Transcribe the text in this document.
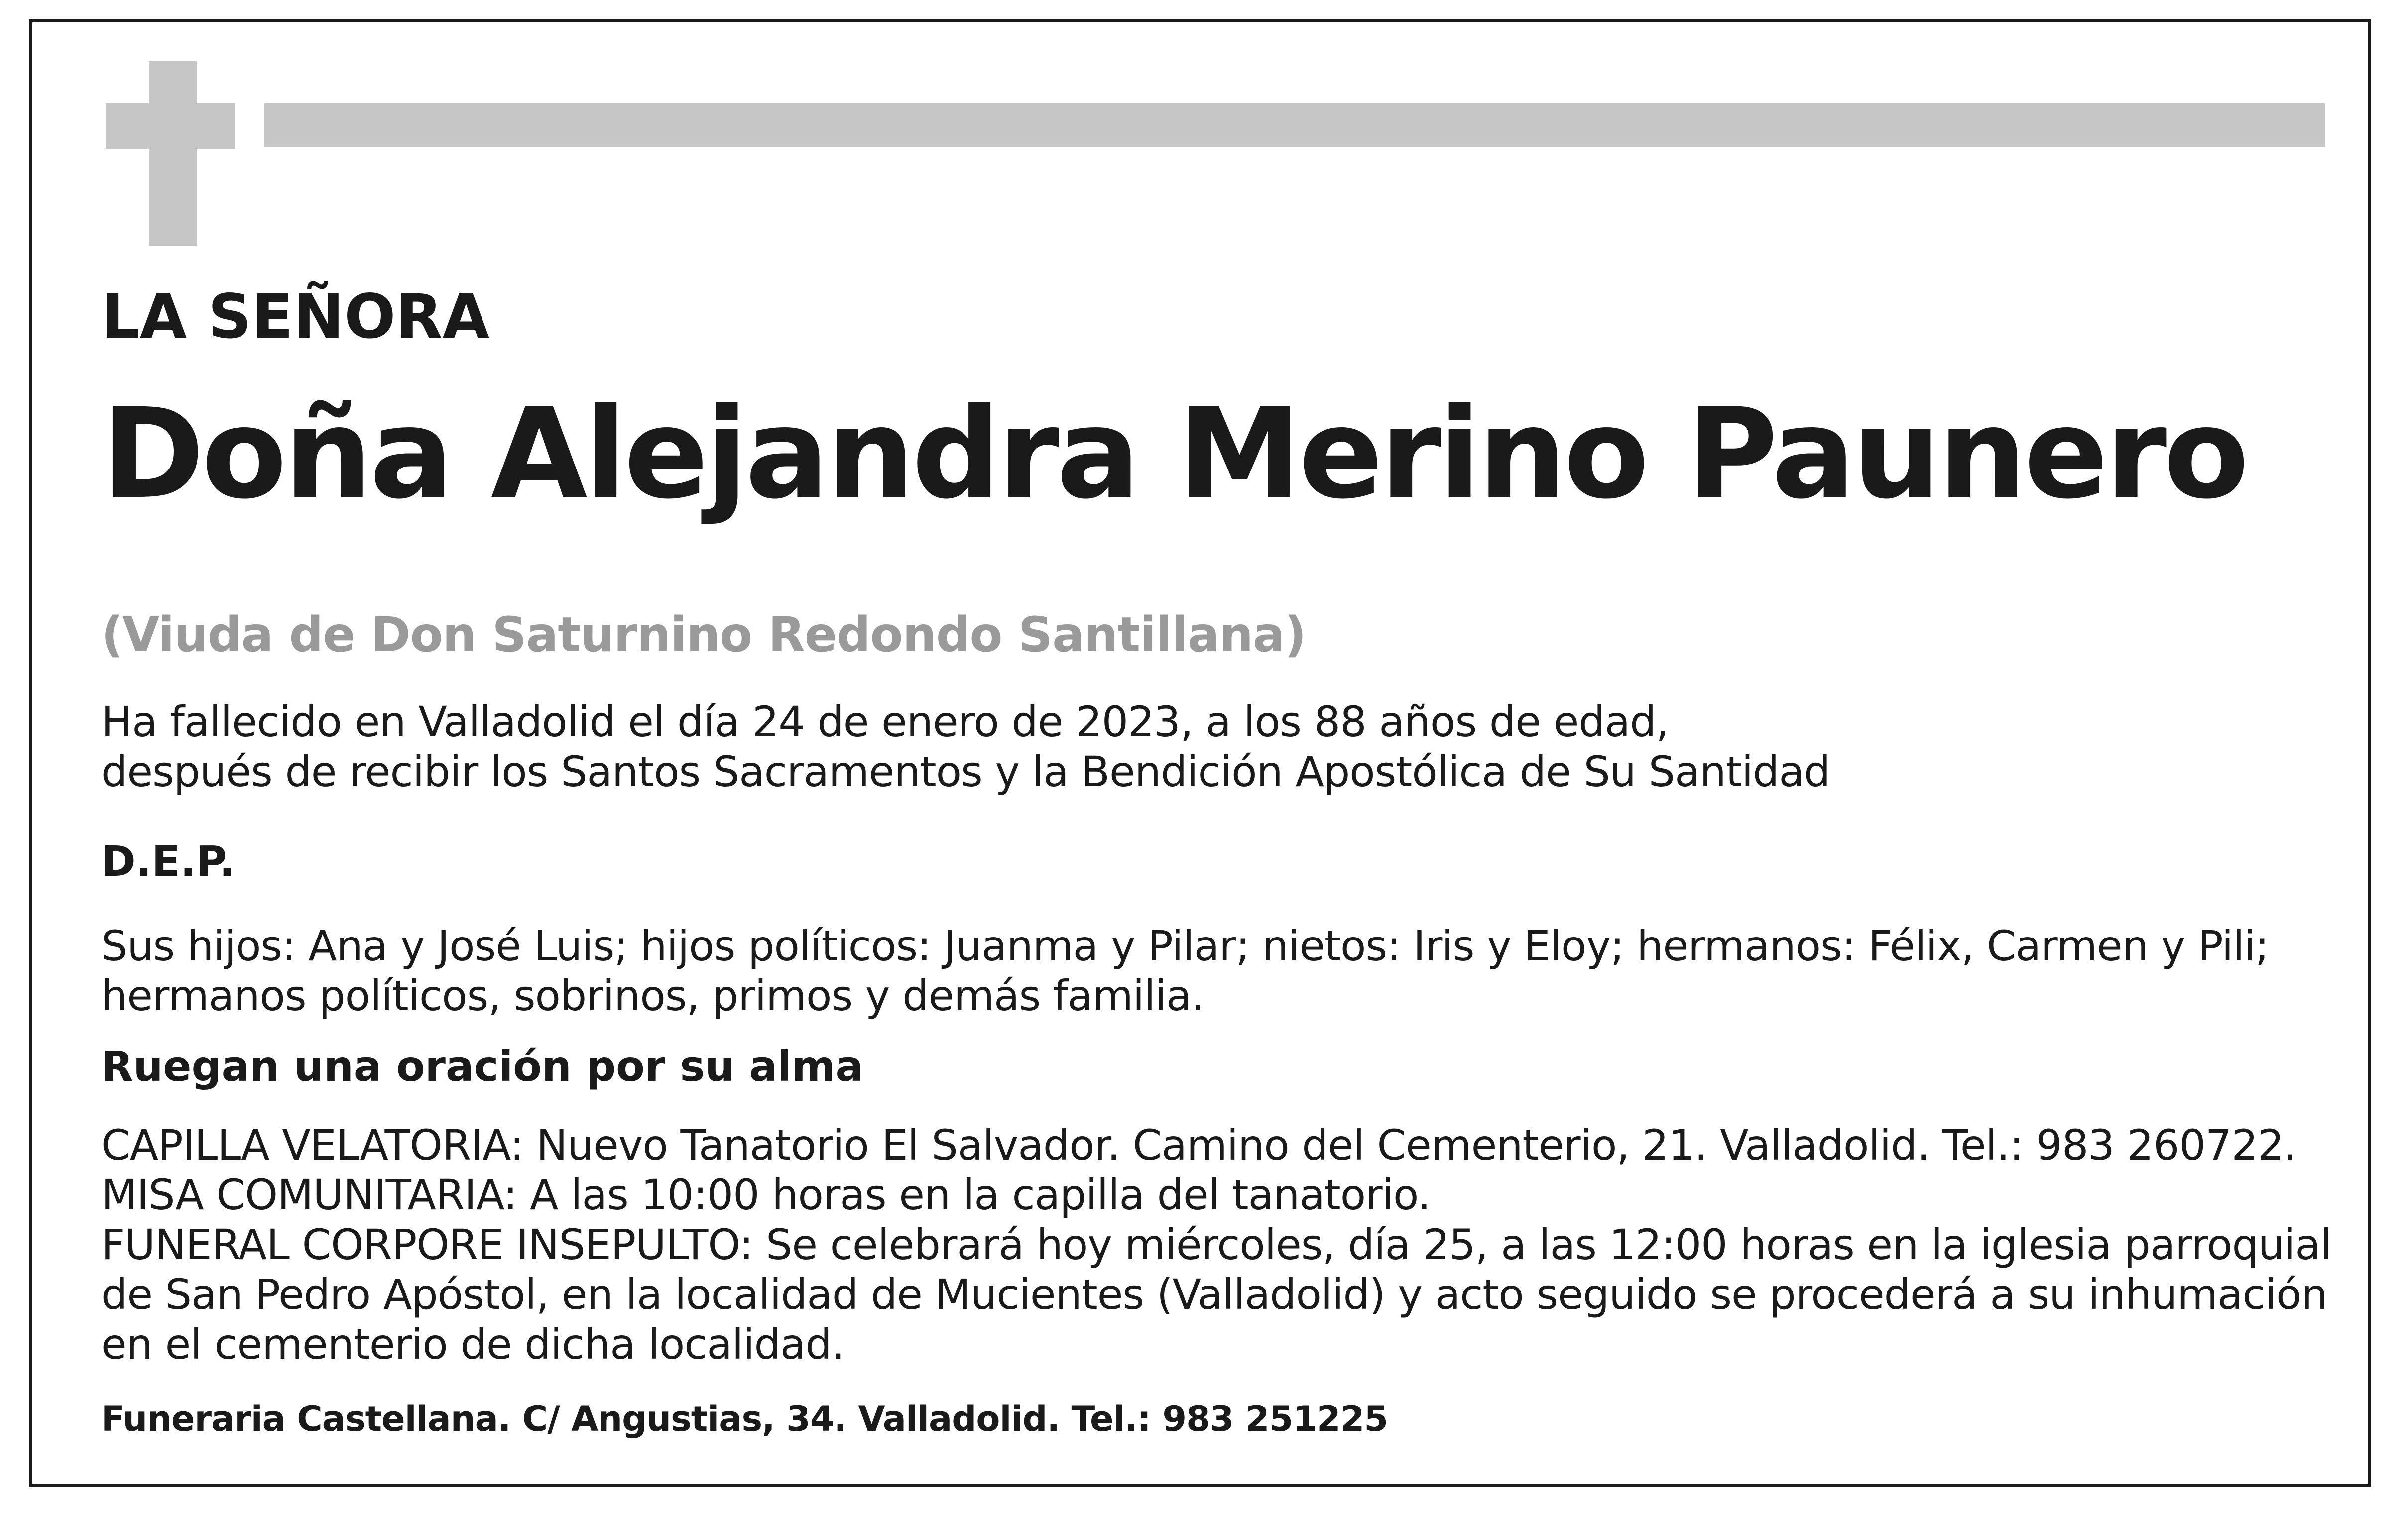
LA SEÑORA
Doña Alejandra Merino Paunero

(Viuda de Don Saturnino Redondo Santillana)

Ha fallecido en Valladolid el día 24 de enero de 2023, a los 88 años de edad,
después de recibir los Santos Sacramentos y la Bendición Apostólica de Su Santidad
D.E.P.
Sus hijos: Ana y José Luis; hijos políticos: Juanma y Pilar; nietos: Iris y Eloy; hermanos: Félix, Carmen y Pili;
hermanos políticos, sobrinos, primos y demás familia.
Ruegan una oración por su alma
CAPILLA VELATORIA: Nuevo Tanatorio El Salvador. Camino del Cementerio, 21. Valladolid. Tel.: 983 260722.
MISA COMUNITARIA: A las 10:00 horas en la capilla del tanatorio.
FUNERAL CORPORE INSEPULTO: Se celebrará hoy miércoles, día 25, a las 12:00 horas en la iglesia parroquial
de San Pedro Apóstol, en la localidad de Mucientes (Valladolid) y acto seguido se procederá a su inhumación
en el cementerio de dicha localidad.
Funeraria Castellana. C/ Angustias, 34. Valladolid. Tel.: 983 251225
